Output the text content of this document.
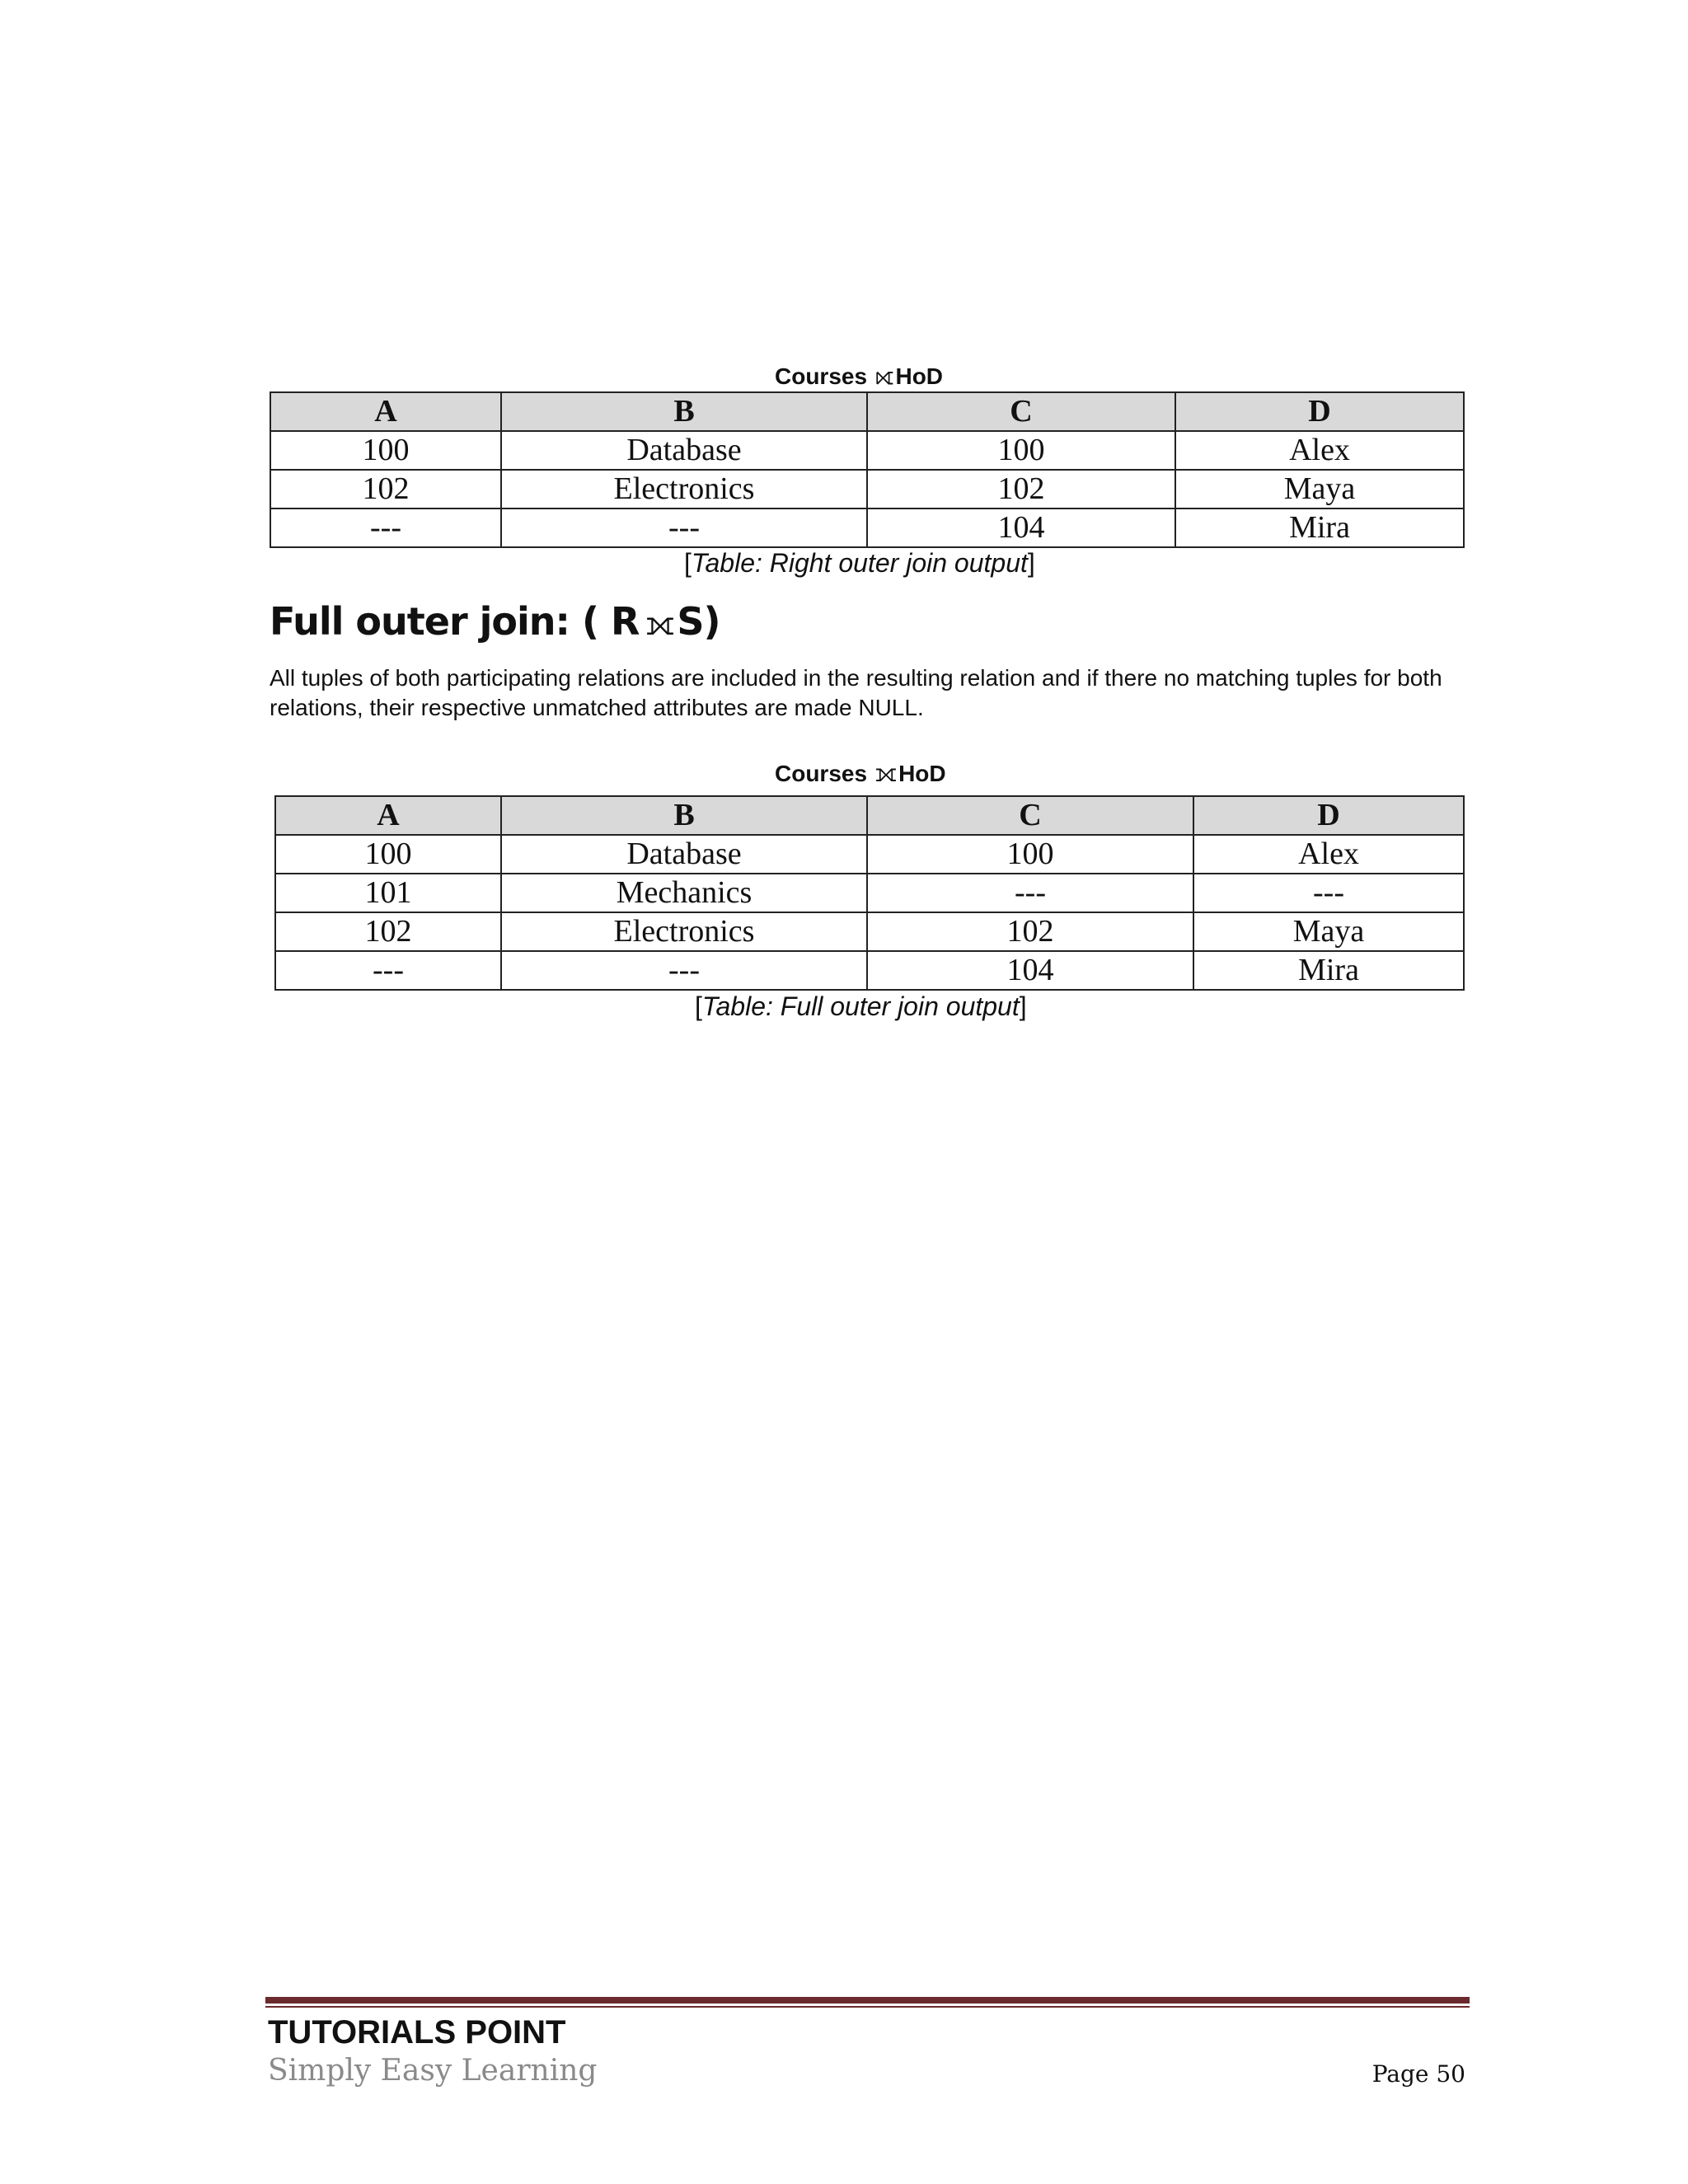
Courses ⟖HoD
A	B	C	D
100	Database	100	Alex
102	Electronics	102	Maya
---	---	104	Mira
[Table: Right outer join output]
Full outer join: ( R ⟗S)
All tuples of both participating relations are included in the resulting relation and if there no matching tuples for both relations, their respective unmatched attributes are made NULL.
Courses ⟗HoD
A	B	C	D
100	Database	100	Alex
101	Mechanics	---	---
102	Electronics	102	Maya
---	---	104	Mira
[Table: Full outer join output]
TUTORIALS POINT
Simply Easy Learning	Page 50
